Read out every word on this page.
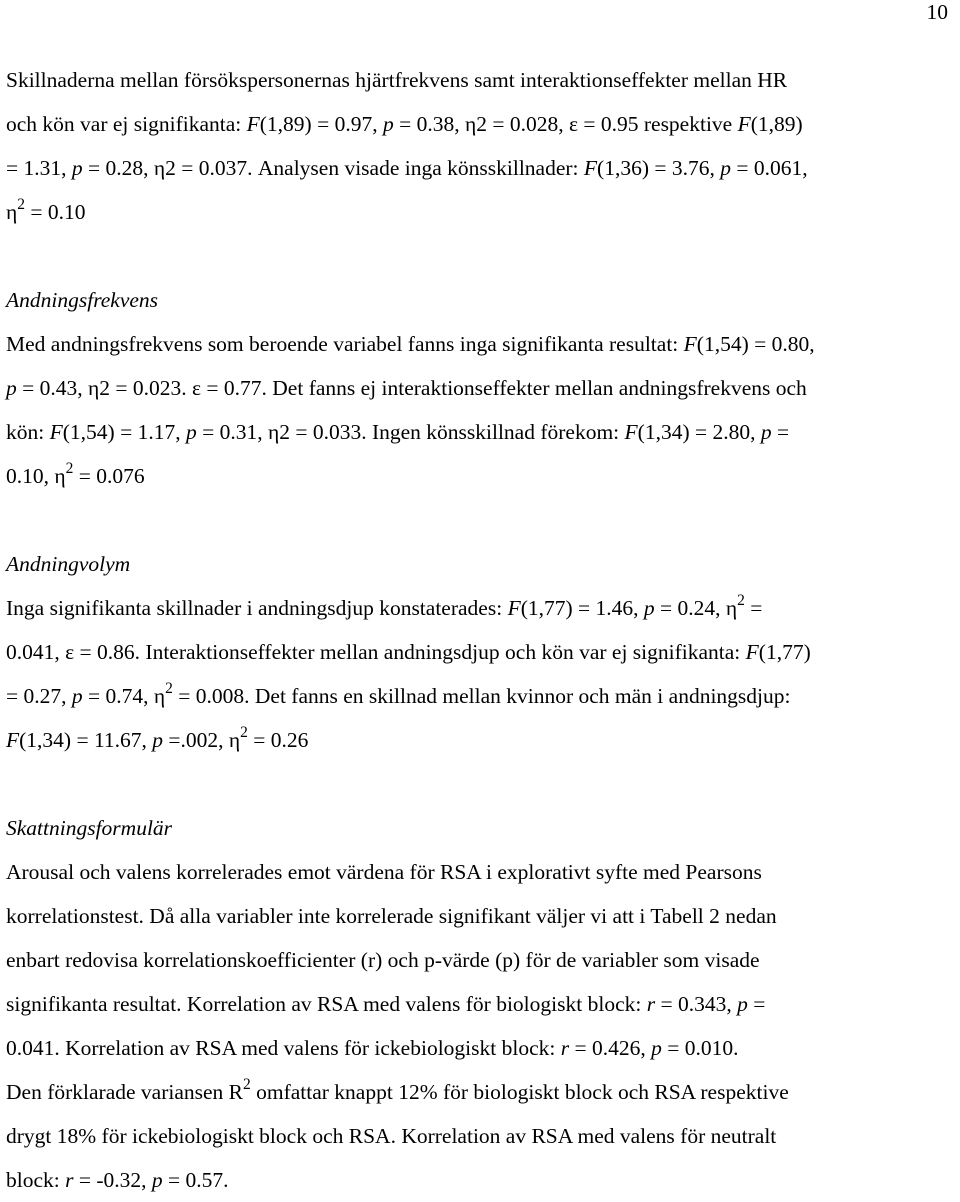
10

Skillnaderna mellan försökspersonernas hjärtfrekvens samt interaktionseffekter mellan HR
och kön var ej signifikanta: F(1,89) = 0.97, p = 0.38, η2 = 0.028, ε = 0.95 respektive F(1,89)
= 1.31, p = 0.28, η2 = 0.037. Analysen visade inga könsskillnader: F(1,36) = 3.76, p = 0.061,
$\eta^2 = 0.10$

Andningsfrekvens

Med andningsfrekvens som beroende variabel fanns inga signifikanta resultat: F(1,54) = 0.80,
p = 0.43, η2 = 0.023. ε = 0.77. Det fanns ej interaktionseffekter mellan andningsfrekvens och
kön: F(1,54) = 1.17, p = 0.31, η2 = 0.033. Ingen könsskillnad förekom: F(1,34) = 2.80, p =
0.10, $\eta^2 = 0.076$

Andningvolym

Inga signifikanta skillnader i andningsdjup konstaterades: F(1,77) = 1.46, p = 0.24, $\eta^2$ =
0.041, ε = 0.86. Interaktionseffekter mellan andningsdjup och kön var ej signifikanta: F(1,77)
= 0.27, p = 0.74, $\eta^2 = 0.008$. Det fanns en skillnad mellan kvinnor och män i andningsdjup:
F(1,34) = 11.67, p =.002, $\eta^2 = 0.26$

Skattningsformulär

Arousal och valens korrelerades emot värdena för RSA i explorativt syfte med Pearsons
korrelationstest. Då alla variabler inte korrelerade signifikant väljer vi att i Tabell 2 nedan
enbart redovisa korrelationskoefficienter (r) och p-värde (p) för de variabler som visade
signifikanta resultat. Korrelation av RSA med valens för biologiskt block: r = 0.343, p =
0.041. Korrelation av RSA med valens för ickebiologiskt block: r = 0.426, p = 0.010.
Den förklarade variansen $R^2$ omfattar knappt 12% för biologiskt block och RSA respektive
drygt 18% för ickebiologiskt block och RSA. Korrelation av RSA med valens för neutralt
block: r = -0.32, p = 0.57.
